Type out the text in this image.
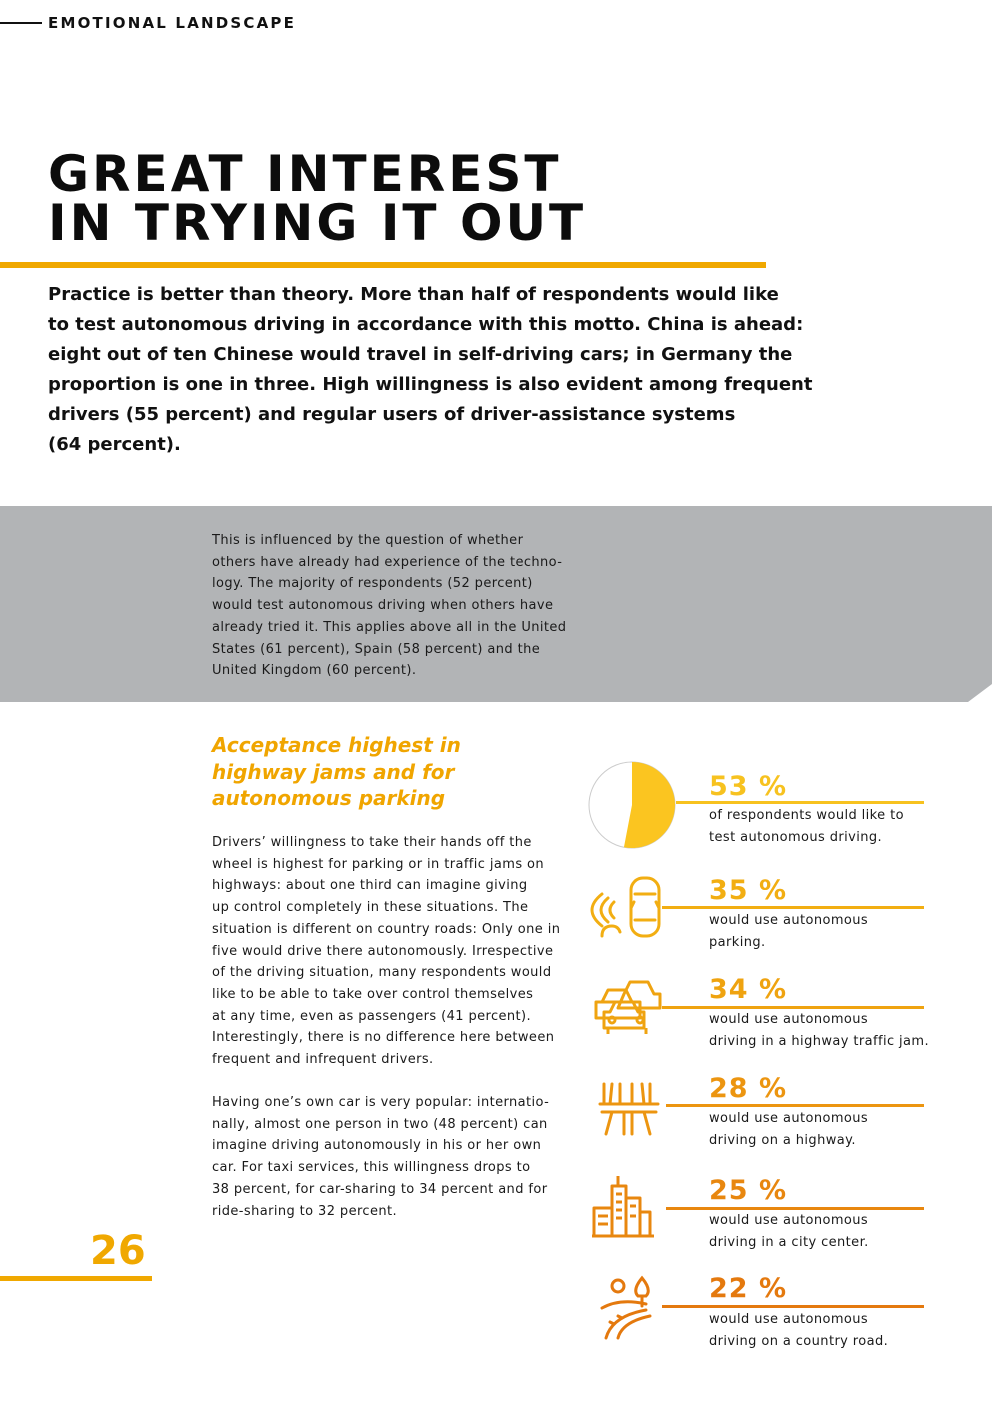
EMOTIONAL LANDSCAPE
GREAT INTEREST
IN TRYING IT OUT

Practice is better than theory. More than half of respondents would like
to test autonomous driving in accordance with this motto. China is ahead:
eight out of ten Chinese would travel in self-driving cars; in Germany the
proportion is one in three. High willingness is also evident among frequent
drivers (55 percent) and regular users of driver-assistance systems
(64 percent).

This is influenced by the question of whether
others have already had experience of the techno-
logy. The majority of respondents (52 percent)
would test autonomous driving when others have
already tried it. This applies above all in the United
States (61 percent), Spain (58 percent) and the
United Kingdom (60 percent).

Acceptance highest in
highway jams and for
autonomous parking

Drivers’ willingness to take their hands off the
wheel is highest for parking or in traffic jams on
highways: about one third can imagine giving
up control completely in these situations. The
situation is different on country roads: Only one in
five would drive there autonomously. Irrespective
of the driving situation, many respondents would
like to be able to take over control themselves
at any time, even as passengers (41 percent).
Interestingly, there is no difference here between
frequent and infrequent drivers.

Having one’s own car is very popular: internatio-
nally, almost one person in two (48 percent) can
imagine driving autonomously in his or her own
car. For taxi services, this willingness drops to
38 percent, for car-sharing to 34 percent and for
ride-sharing to 32 percent.

26
53 %

of respondents would like to
test autonomous driving.

35 %

would use autonomous
parking.

34 %

would use autonomous
driving in a highway traffic jam.

28 %

would use autonomous
driving on a highway.

25 %

would use autonomous
driving in a city center.

22 %

would use autonomous
driving on a country road.
